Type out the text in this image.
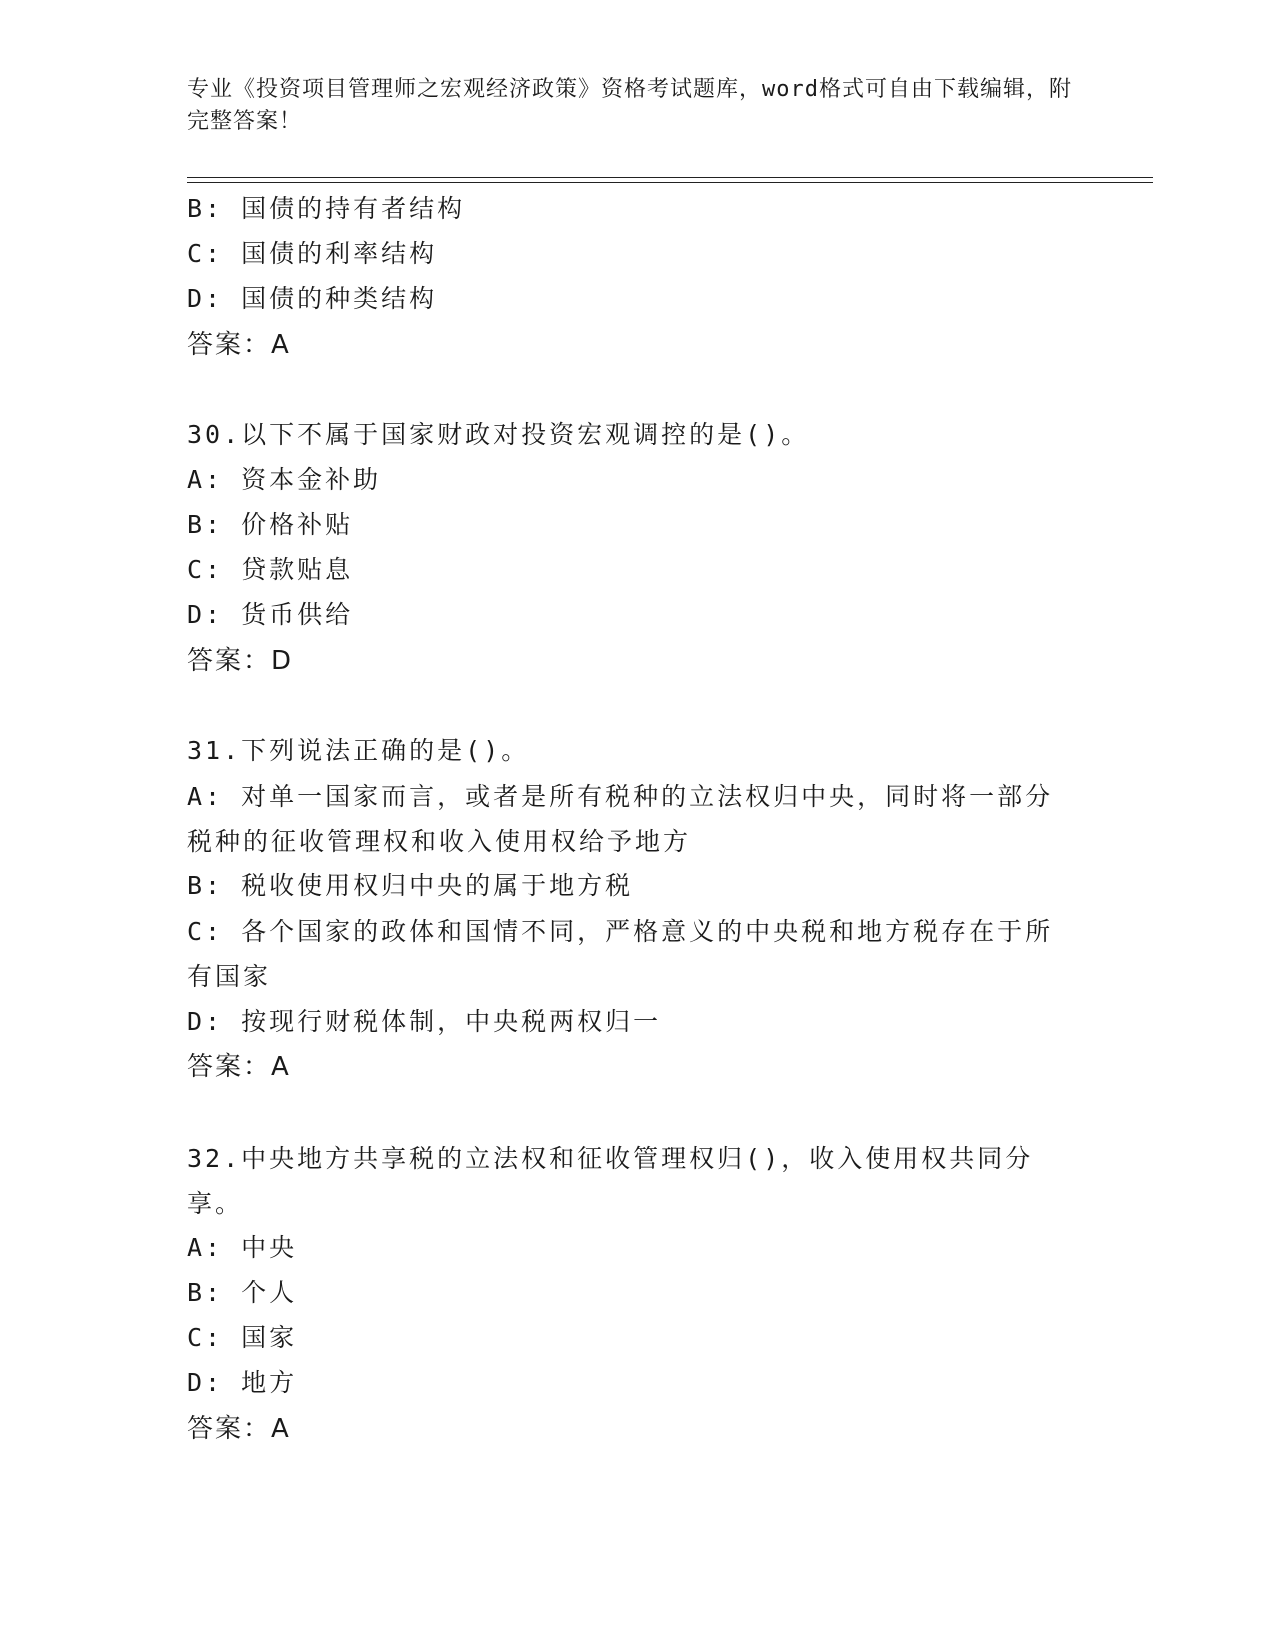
专业《投资项目管理师之宏观经济政策》资格考试题库，word格式可自由下载编辑，附完整答案！
B: 国债的持有者结构
C: 国债的利率结构
D: 国债的种类结构
答案：A
30.以下不属于国家财政对投资宏观调控的是()。
A: 资本金补助
B: 价格补贴
C: 贷款贴息
D: 货币供给
答案：D
31.下列说法正确的是()。
A: 对单一国家而言，或者是所有税种的立法权归中央，同时将一部分税种的征收管理权和收入使用权给予地方
B: 税收使用权归中央的属于地方税
C: 各个国家的政体和国情不同，严格意义的中央税和地方税存在于所有国家
D: 按现行财税体制，中央税两权归一
答案：A
32.中央地方共享税的立法权和征收管理权归()，收入使用权共同分享。
A: 中央
B: 个人
C: 国家
D: 地方
答案：A
